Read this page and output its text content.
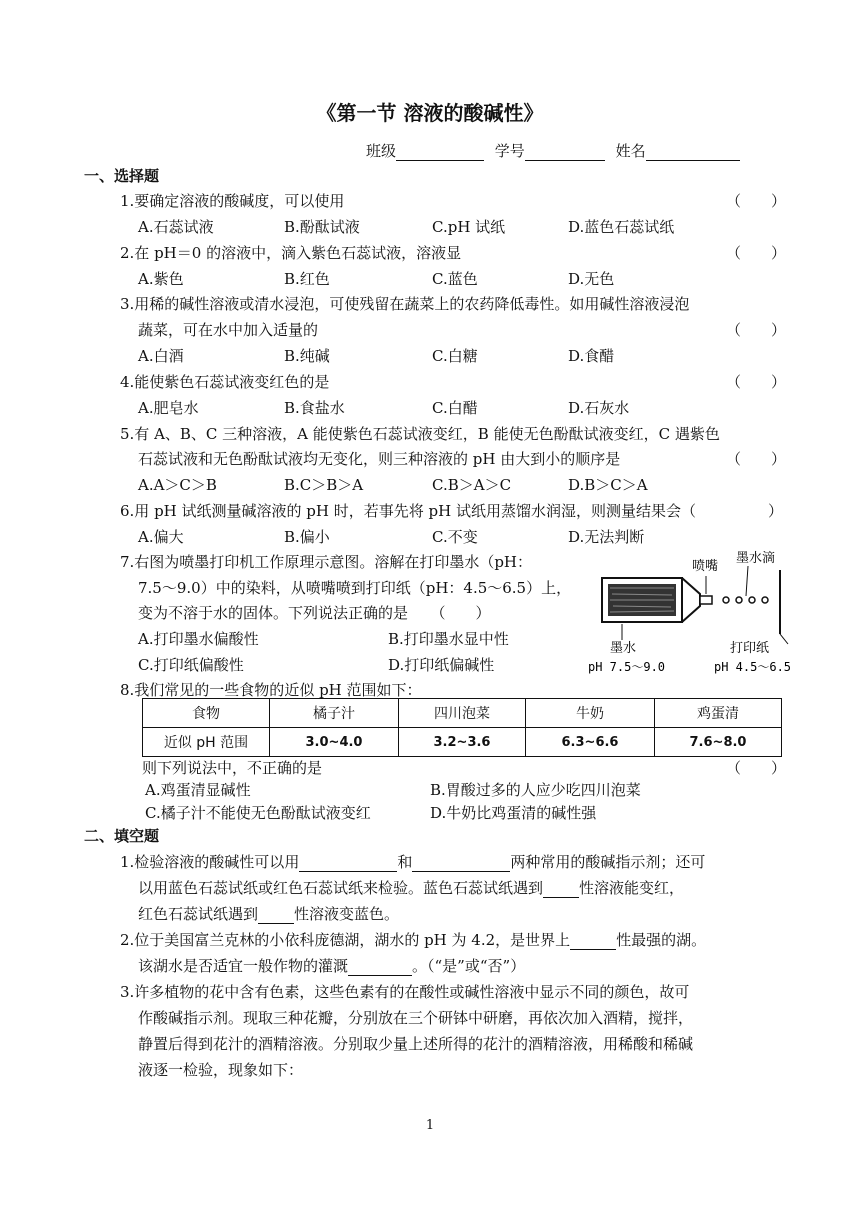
《第一节 溶液的酸碱性》
班级	学号	姓名
一、选择题
1.要确定溶液的酸碱度，可以使用	（　　）
A.石蕊试液	B.酚酞试液	C.pH 试纸	D.蓝色石蕊试纸
2.在 pH＝0 的溶液中，滴入紫色石蕊试液，溶液显	（　　）
A.紫色	B.红色	C.蓝色	D.无色
3.用稀的碱性溶液或清水浸泡，可使残留在蔬菜上的农药降低毒性。如用碱性溶液浸泡
蔬菜，可在水中加入适量的	（　　）
A.白酒	B.纯碱	C.白糖	D.食醋
4.能使紫色石蕊试液变红色的是	（　　）
A.肥皂水	B.食盐水	C.白醋	D.石灰水
5.有 A、B、C 三种溶液，A 能使紫色石蕊试液变红，B 能使无色酚酞试液变红，C 遇紫色
石蕊试液和无色酚酞试液均无变化，则三种溶液的 pH 由大到小的顺序是	（　　）
A.A＞C＞B	B.C＞B＞A	C.B＞A＞C	D.B＞C＞A
6.用 pH 试纸测量碱溶液的 pH 时，若事先将 pH 试纸用蒸馏水润湿，则测量结果会（	）
A.偏大	B.偏小	C.不变	D.无法判断
7.右图为喷墨打印机工作原理示意图。溶解在打印墨水（pH：
7.5～9.0）中的染料，从喷嘴喷到打印纸（pH：4.5～6.5）上，
变为不溶于水的固体。下列说法正确的是　　（　　）
A.打印墨水偏酸性	B.打印墨水显中性
C.打印纸偏酸性	D.打印纸偏碱性
喷嘴
墨水滴
墨水
pH 7.5～9.0
打印纸
pH 4.5～6.5
8.我们常见的一些食物的近似 pH 范围如下：
食物	橘子汁	四川泡菜	牛奶	鸡蛋清
近似 pH 范围	3.0~4.0	3.2~3.6	6.3~6.6	7.6~8.0
则下列说法中，不正确的是	（　　）
A.鸡蛋清显碱性	B.胃酸过多的人应少吃四川泡菜
C.橘子汁不能使无色酚酞试液变红	D.牛奶比鸡蛋清的碱性强
二、填空题
1.检验溶液的酸碱性可以用	和	两种常用的酸碱指示剂；还可
以用蓝色石蕊试纸或红色石蕊试纸来检验。蓝色石蕊试纸遇到 性溶液能变红，
红色石蕊试纸遇到 性溶液变蓝色。
2.位于美国富兰克林的小依科庞德湖，湖水的 pH 为 4.2，是世界上	性最强的湖。
该湖水是否适宜一般作物的灌溉	。（“是”或“否”）
3.许多植物的花中含有色素，这些色素有的在酸性或碱性溶液中显示不同的颜色，故可
作酸碱指示剂。现取三种花瓣，分别放在三个研钵中研磨，再依次加入酒精，搅拌，
静置后得到花汁的酒精溶液。分别取少量上述所得的花汁的酒精溶液，用稀酸和稀碱
液逐一检验，现象如下：
1
